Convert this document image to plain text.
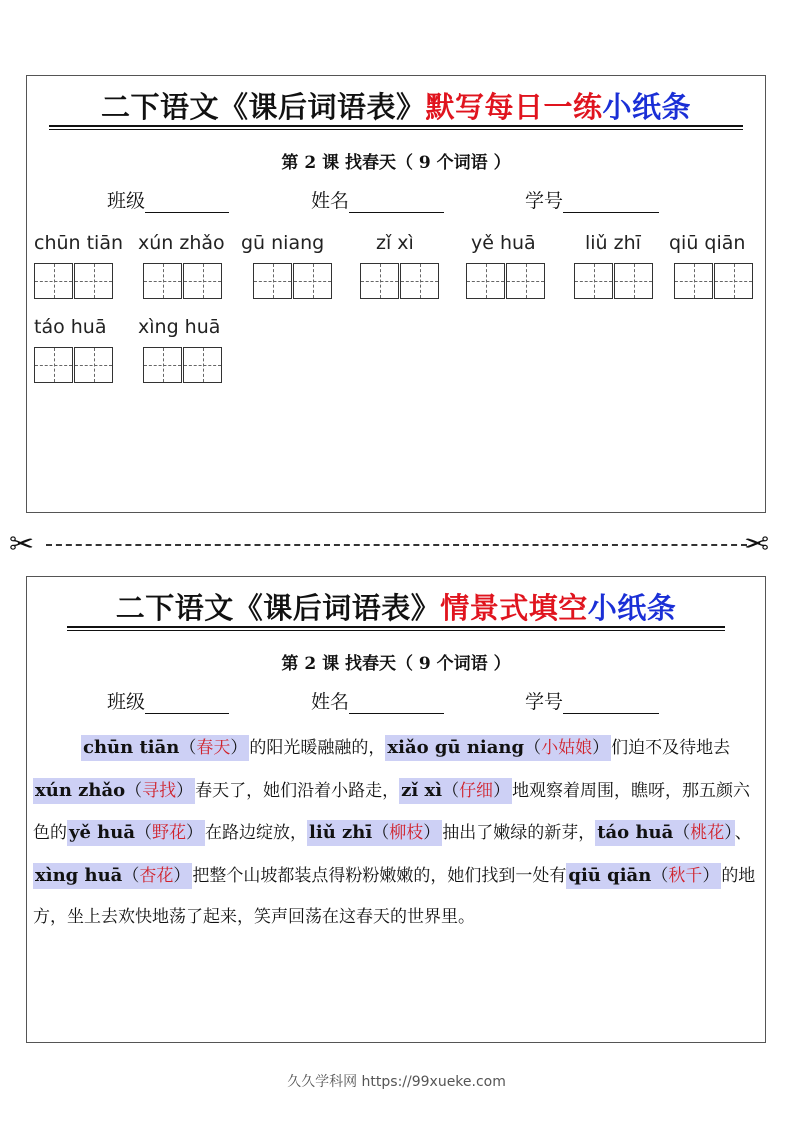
二下语文《课后词语表》默写每日一练小纸条
第 2 课 找春天（ 9 个词语 ）
班级	姓名	学号
chūn tiān xún zhǎo gū niang	zǐ xì	yě huā	liǔ zhī qiū qiān
táo huā xìng huā
✂	✂
二下语文《课后词语表》情景式填空小纸条
第 2 课 找春天（ 9 个词语 ）
班级	姓名	学号
chūn tiān（春天） 的阳光暖融融的， xiǎo gū niang（小姑娘） 们迫不及待地去xún zhǎo（寻找） 春天了，她们沿着小路走， zǐ xì（仔细） 地观察着周围，瞧呀，那五颜六色的 yě huā（野花） 在路边绽放， liǔ zhī（柳枝） 抽出了嫩绿的新芽， táo huā（桃花） 、xìng huā（杏花） 把整个山坡都装点得粉粉嫩嫩的，她们找到一处有 qiū qiān（秋千） 的地方，坐上去欢快地荡了起来，笑声回荡在这春天的世界里。
久久学科网 https://99xueke.com
